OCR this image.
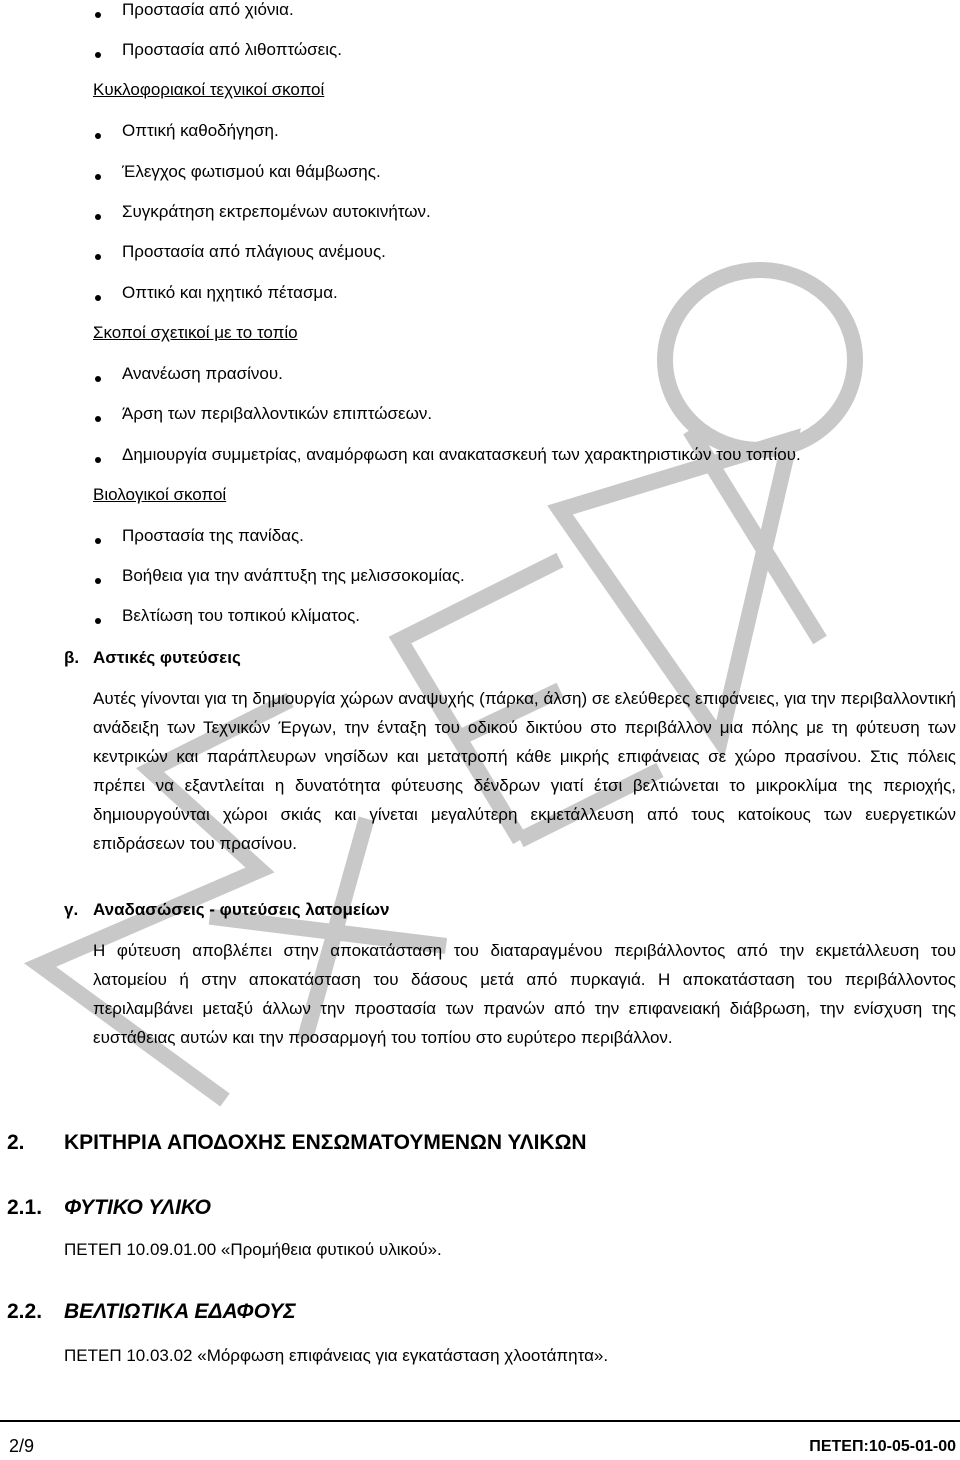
Προστασία από χιόνια.
Προστασία από λιθοπτώσεις.
Κυκλοφοριακοί τεχνικοί σκοποί
Οπτική καθοδήγηση.
Έλεγχος φωτισμού και θάμβωσης.
Συγκράτηση εκτρεπομένων αυτοκινήτων.
Προστασία από πλάγιους ανέμους.
Οπτικό και ηχητικό πέτασμα.
Σκοποί σχετικοί με το τοπίο
Ανανέωση πρασίνου.
Άρση των περιβαλλοντικών επιπτώσεων.
Δημιουργία συμμετρίας, αναμόρφωση και ανακατασκευή των χαρακτηριστικών του τοπίου.
Βιολογικοί σκοποί
Προστασία της πανίδας.
Βοήθεια για την ανάπτυξη της μελισσοκομίας.
Βελτίωση του τοπικού κλίματος.
β. Αστικές φυτεύσεις

Αυτές γίνονται για τη δημιουργία χώρων αναψυχής (πάρκα, άλση) σε ελεύθερες επιφάνειες, για την περιβαλλοντική ανάδειξη των Τεχνικών Έργων, την ένταξη του οδικού δικτύου στο περιβάλλον μια πόλης με τη φύτευση των κεντρικών και παράπλευρων νησίδων και μετατροπή κάθε μικρής επιφάνειας σε χώρο πρασίνου. Στις πόλεις πρέπει να εξαντλείται η δυνατότητα φύτευσης δένδρων γιατί έτσι βελτιώνεται το μικροκλίμα της περιοχής, δημιουργούνται χώροι σκιάς και γίνεται μεγαλύτερη εκμετάλλευση από τους κατοίκους των ευεργετικών επιδράσεων του πρασίνου.

γ. Αναδασώσεις - φυτεύσεις λατομείων

Η φύτευση αποβλέπει στην αποκατάσταση του διαταραγμένου περιβάλλοντος από την εκμετάλλευση του λατομείου ή στην αποκατάσταση του δάσους μετά από πυρκαγιά. Η αποκατάσταση του περιβάλλοντος περιλαμβάνει μεταξύ άλλων την προστασία των πρανών από την επιφανειακή διάβρωση, την ενίσχυση της ευστάθειας αυτών και την προσαρμογή του τοπίου στο ευρύτερο περιβάλλον.

2. ΚΡΙΤΗΡΙΑ ΑΠΟΔΟΧΗΣ ΕΝΣΩΜΑΤΟΥΜΕΝΩΝ ΥΛΙΚΩΝ
2.1. ΦΥΤΙΚΟ ΥΛΙΚΟ
ΠΕΤΕΠ 10.09.01.00 «Προμήθεια φυτικού υλικού».
2.2. ΒΕΛΤΙΩΤΙΚΑ ΕΔΑΦΟΥΣ
ΠΕΤΕΠ 10.03.02 «Μόρφωση επιφάνειας για εγκατάσταση χλοοτάπητα».
2/9	ΠΕΤΕΠ:10-05-01-00
